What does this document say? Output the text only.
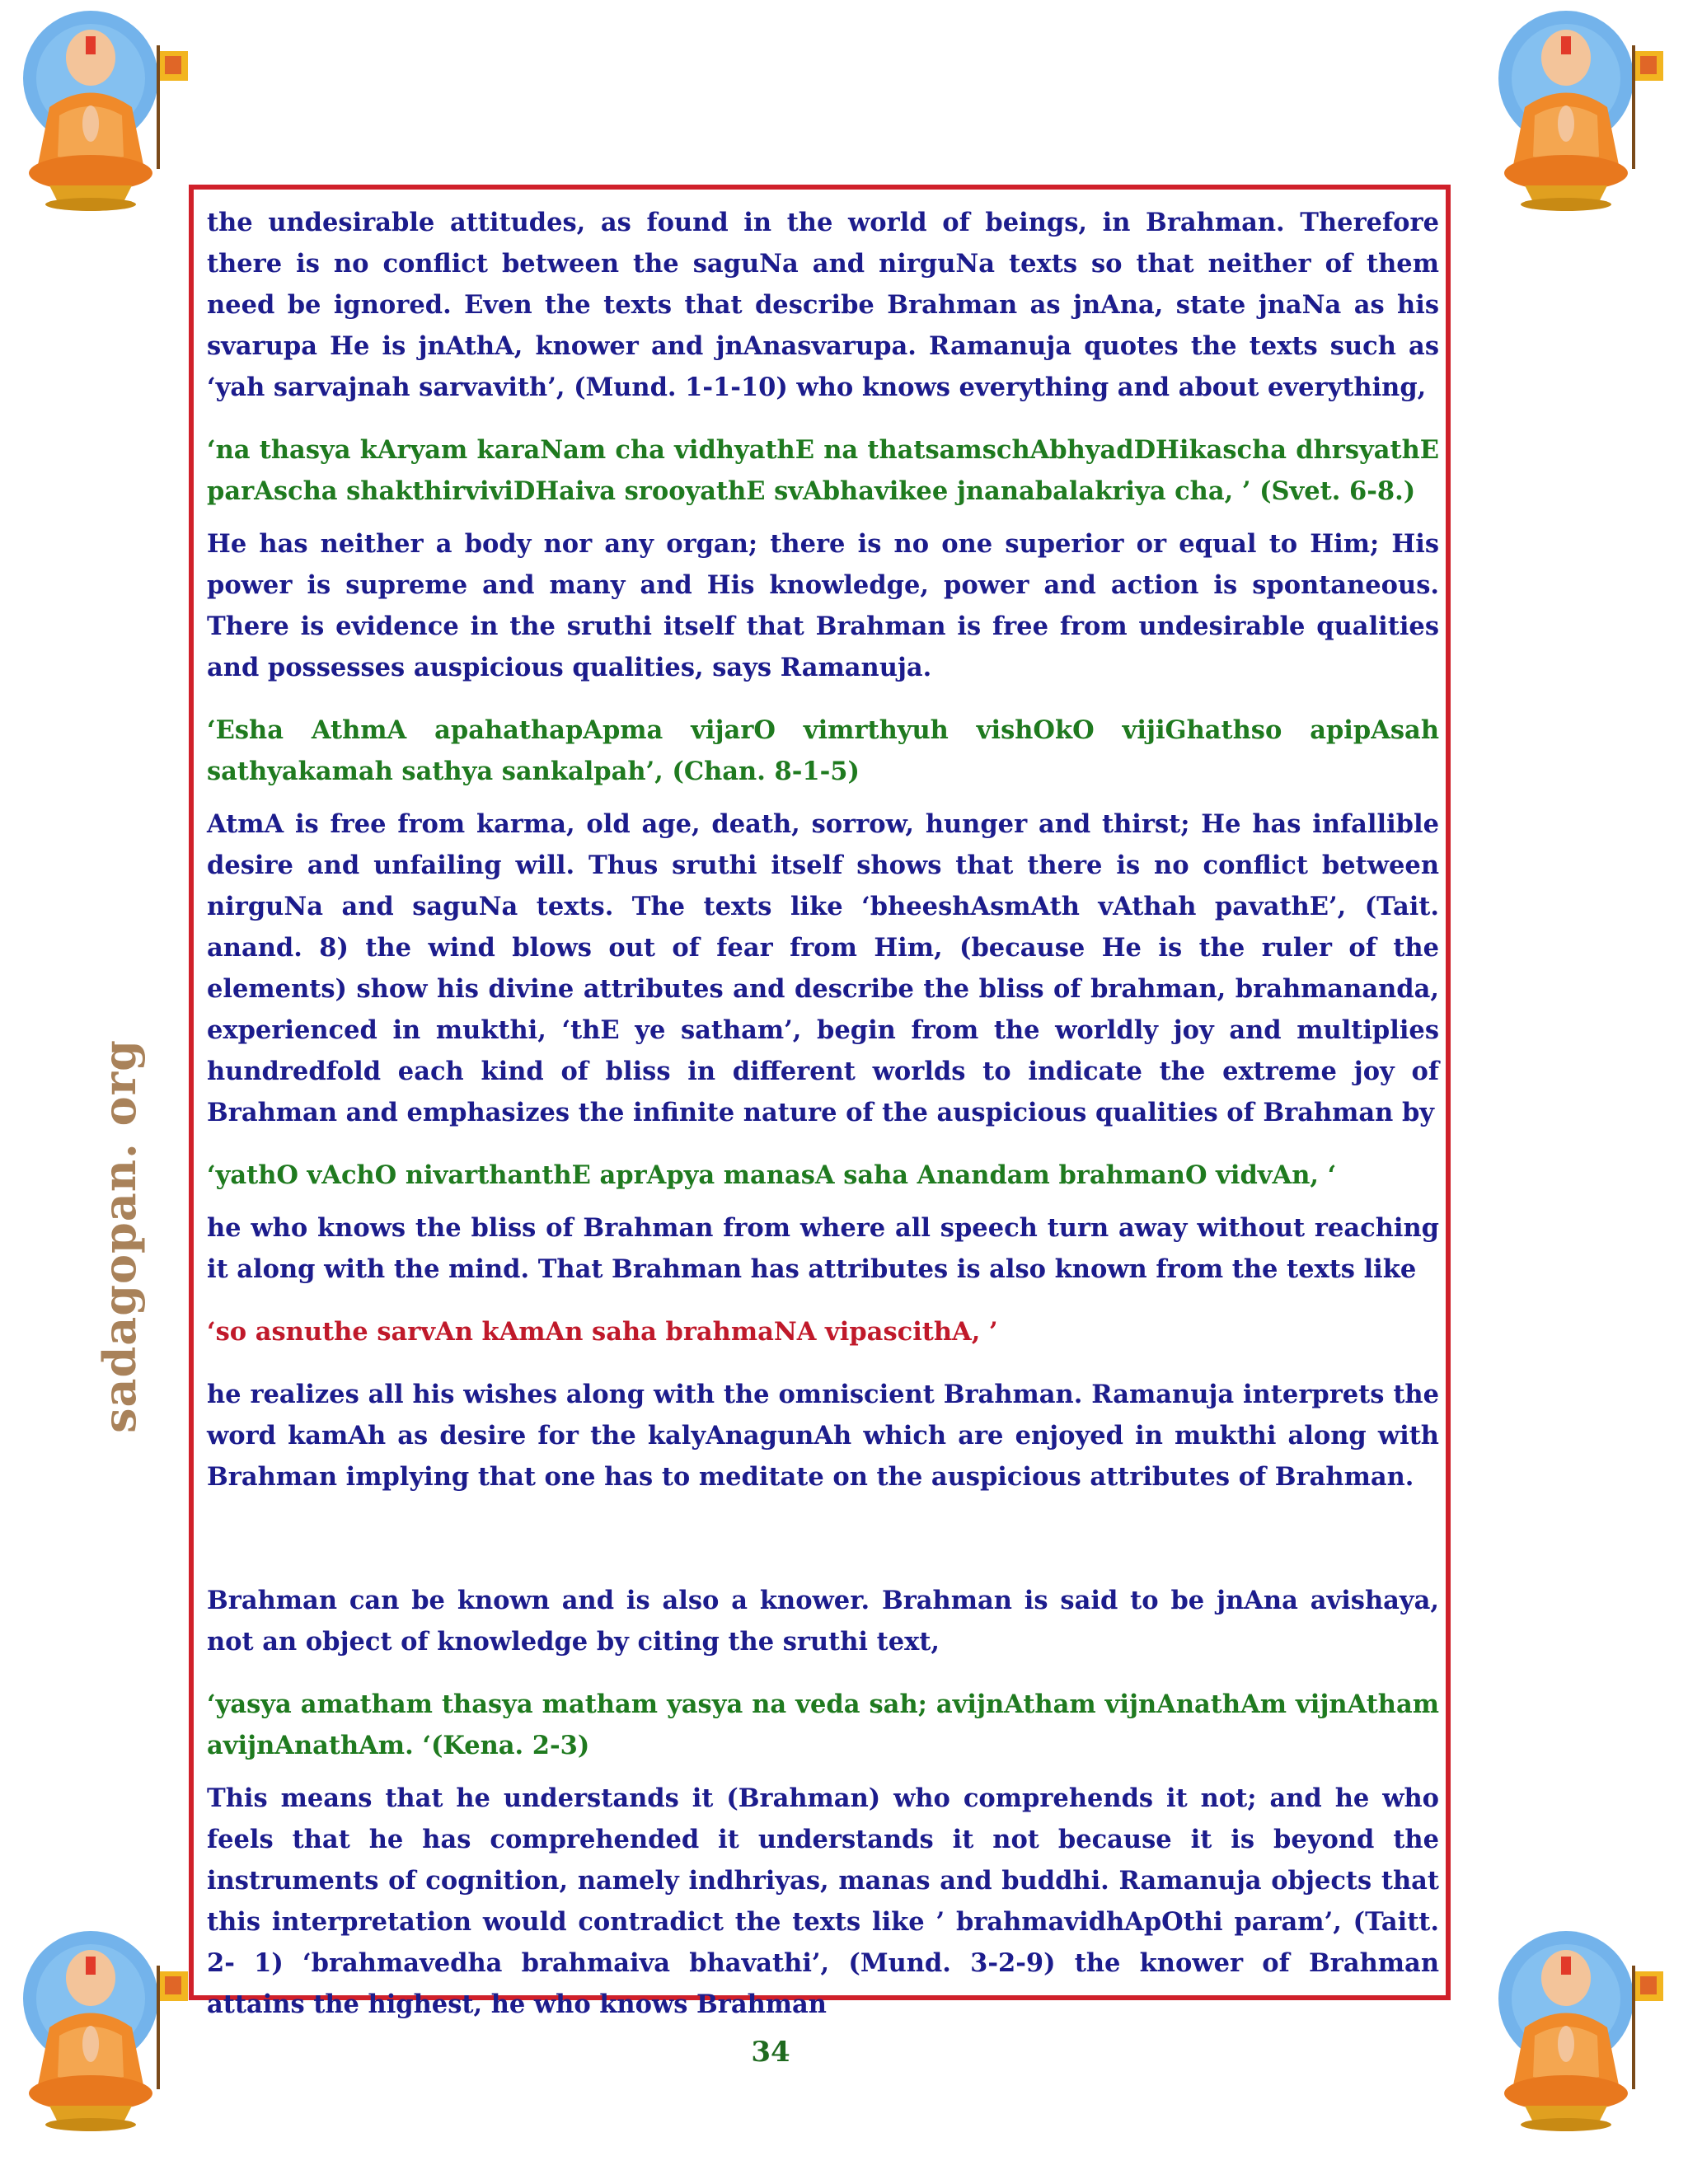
sadagopan. org

the undesirable attitudes, as found in the world of beings, in Brahman. Therefore there is no conflict between the saguNa and nirguNa texts so that neither of them need be ignored. Even the texts that describe Brahman as jnAna, state jnaNa as his svarupa He is jnAthA, knower and jnAnasvarupa. Ramanuja quotes the texts such as ‘yah sarvajnah sarvavith’, (Mund. 1-1-10) who knows everything and about everything,

‘na thasya kAryam karaNam cha vidhyathE na thatsamschAbhyadDHikascha dhrsyathE parAscha shakthirviviDHaiva srooyathE svAbhavikee jnanabalakriya cha, ’ (Svet. 6-8.)

He has neither a body nor any organ; there is no one superior or equal to Him; His power is supreme and many and His knowledge, power and action is spontaneous. There is evidence in the sruthi itself that Brahman is free from undesirable qualities and possesses auspicious qualities, says Ramanuja.

‘Esha AthmA apahathapApma vijarO vimrthyuh vishOkO vijiGhathso apipAsah sathyakamah sathya sankalpah’, (Chan. 8-1-5)

AtmA is free from karma, old age, death, sorrow, hunger and thirst; He has infallible desire and unfailing will. Thus sruthi itself shows that there is no conflict between nirguNa and saguNa texts. The texts like ‘bheeshAsmAth vAthah pavathE’, (Tait. anand. 8) the wind blows out of fear from Him, (because He is the ruler of the elements) show his divine attributes and describe the bliss of brahman, brahmananda, experienced in mukthi, ‘thE ye satham’, begin from the worldly joy and multiplies hundredfold each kind of bliss in different worlds to indicate the extreme joy of Brahman and emphasizes the infinite nature of the auspicious qualities of Brahman by

‘yathO vAchO nivarthanthE aprApya manasA saha Anandam brahmanO vidvAn, ‘

he who knows the bliss of Brahman from where all speech turn away without reaching it along with the mind. That Brahman has attributes is also known from the texts like

‘so asnuthe sarvAn kAmAn saha brahmaNA vipascithA, ’

he realizes all his wishes along with the omniscient Brahman. Ramanuja interprets the word kamAh as desire for the kalyAnagunAh which are enjoyed in mukthi along with Brahman implying that one has to meditate on the auspicious attributes of Brahman.

Brahman can be known and is also a knower. Brahman is said to be jnAna avishaya, not an object of knowledge by citing the sruthi text,

‘yasya amatham thasya matham yasya na veda sah; avijnAtham vijnAnathAm vijnAtham avijnAnathAm. ‘(Kena. 2-3)

This means that he understands it (Brahman) who comprehends it not; and he who feels that he has comprehended it understands it not because it is beyond the instruments of cognition, namely indhriyas, manas and buddhi. Ramanuja objects that this interpretation would contradict the texts like ’ brahmavidhApOthi param’, (Taitt. 2- 1) ‘brahmavedha brahmaiva bhavathi’, (Mund. 3-2-9) the knower of Brahman attains the highest, he who knows Brahman

34
